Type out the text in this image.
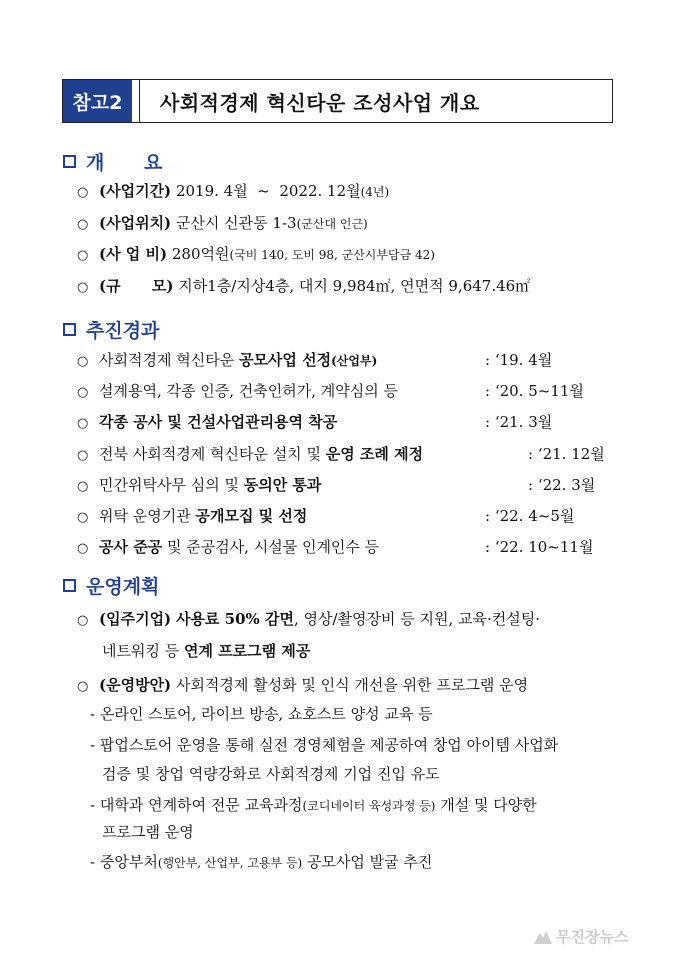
참고2	사회적경제 혁신타운 조성사업 개요
개      요
○ (사업기간) 2019. 4월  ~  2022. 12월(4년)
○ (사업위치) 군산시 신관동 1-3(군산대 인근)
○ (사 업 비) 280억원(국비 140, 도비 98, 군산시부담금 42)
○ (규      모) 지하1층/지상4층, 대지 9,984㎡, 연면적 9,647.46㎡
추진경과
○ 사회적경제 혁신타운 공모사업 선정(산업부)	: ‘19. 4월
○ 설계용역, 각종 인증, 건축인허가, 계약심의 등	: ‘20. 5~11월
○ 각종 공사 및 건설사업관리용역 착공	: ‘21. 3월
○ 전북 사회적경제 혁신타운 설치 및 운영 조례 제정	: ‘21. 12월
○ 민간위탁사무 심의 및 동의안 통과	: ‘22. 3월
○ 위탁 운영기관 공개모집 및 선정	: ‘22. 4~5월
○ 공사 준공 및 준공검사, 시설물 인계인수 등	: ‘22. 10~11월
운영계획
○ (입주기업) 사용료 50% 감면, 영상/촬영장비 등 지원, 교육·컨설팅·
네트워킹 등 연계 프로그램 제공
○ (운영방안) 사회적경제 활성화 및 인식 개선을 위한 프로그램 운영
- 온라인 스토어, 라이브 방송, 쇼호스트 양성 교육 등
- 팝업스토어 운영을 통해 실전 경영체험을 제공하여 창업 아이템 사업화
검증 및 창업 역량강화로 사회적경제 기업 진입 유도
- 대학과 연계하여 전문 교육과정(코디네이터 육성과정 등) 개설 및 다양한
프로그램 운영
- 중앙부처(행안부, 산업부, 고용부 등) 공모사업 발굴 추진
무진장뉴스
